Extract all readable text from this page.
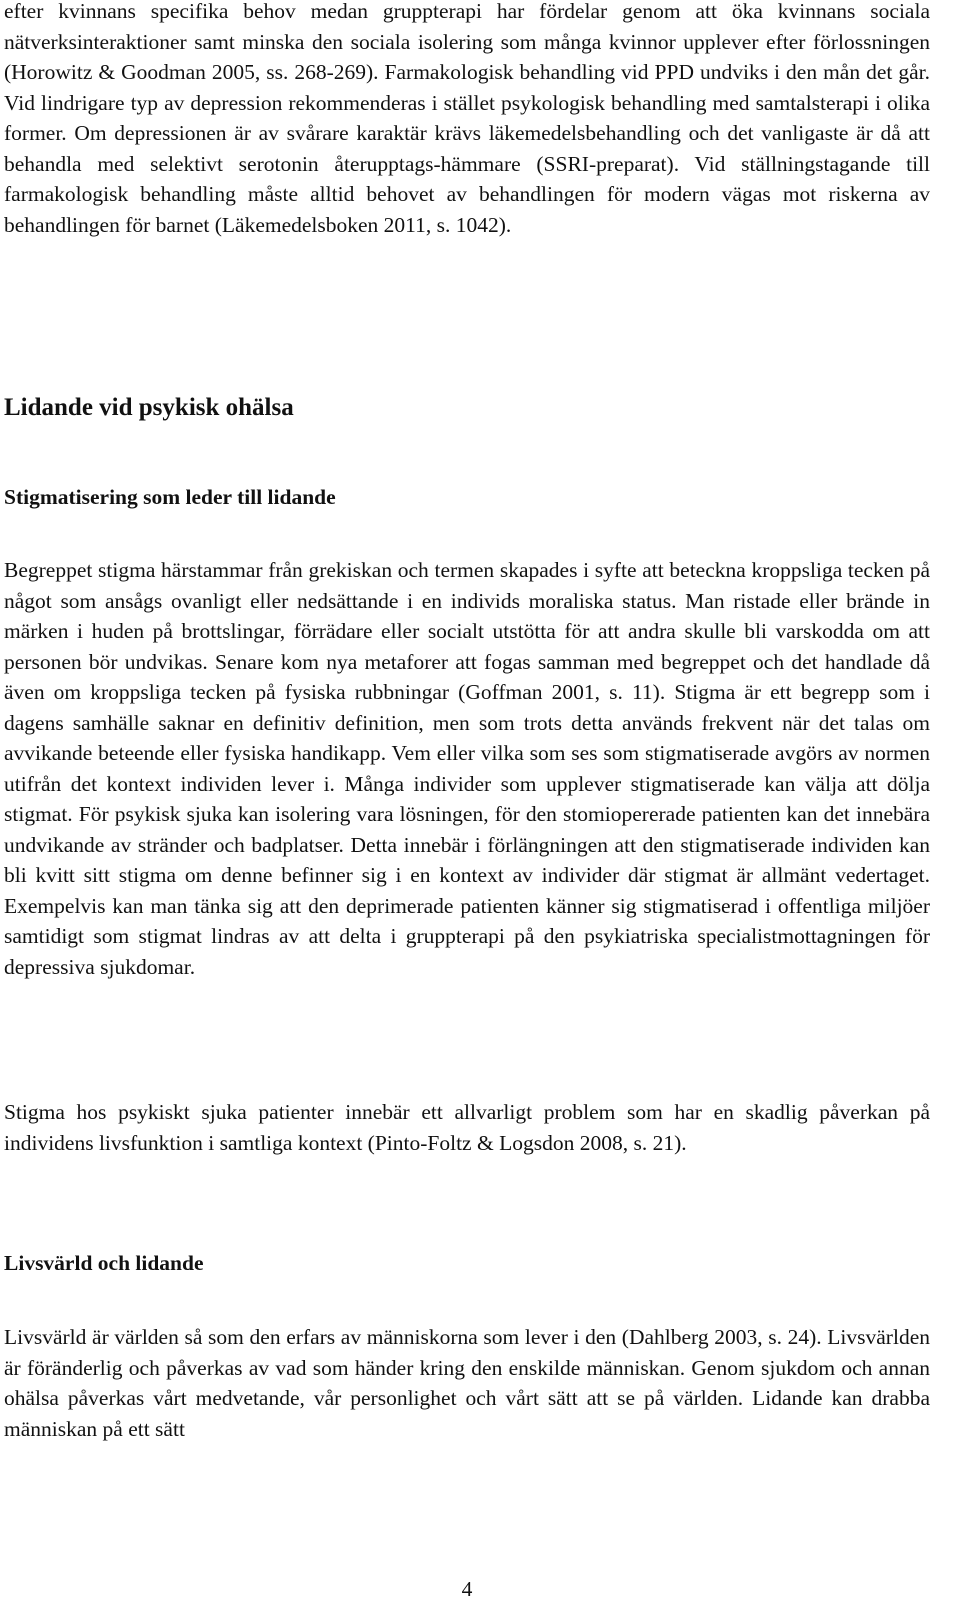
efter kvinnans specifika behov medan gruppterapi har fördelar genom att öka kvinnans sociala nätverksinteraktioner samt minska den sociala isolering som många kvinnor upplever efter förlossningen (Horowitz & Goodman 2005, ss. 268-269). Farmakologisk behandling vid PPD undviks i den mån det går. Vid lindrigare typ av depression rekommenderas i stället psykologisk behandling med samtalsterapi i olika former. Om depressionen är av svårare karaktär krävs läkemedelsbehandling och det vanligaste är då att behandla med selektivt serotonin återupptags-hämmare (SSRI-preparat). Vid ställningstagande till farmakologisk behandling måste alltid behovet av behandlingen för modern vägas mot riskerna av behandlingen för barnet (Läkemedelsboken 2011, s. 1042).

Lidande vid psykisk ohälsa
Stigmatisering som leder till lidande

Begreppet stigma härstammar från grekiskan och termen skapades i syfte att beteckna kroppsliga tecken på något som ansågs ovanligt eller nedsättande i en individs moraliska status. Man ristade eller brände in märken i huden på brottslingar, förrädare eller socialt utstötta för att andra skulle bli varskodda om att personen bör undvikas. Senare kom nya metaforer att fogas samman med begreppet och det handlade då även om kroppsliga tecken på fysiska rubbningar (Goffman 2001, s. 11). Stigma är ett begrepp som i dagens samhälle saknar en definitiv definition, men som trots detta används frekvent när det talas om avvikande beteende eller fysiska handikapp. Vem eller vilka som ses som stigmatiserade avgörs av normen utifrån det kontext individen lever i. Många individer som upplever stigmatiserade kan välja att dölja stigmat. För psykisk sjuka kan isolering vara lösningen, för den stomiopererade patienten kan det innebära undvikande av stränder och badplatser. Detta innebär i förlängningen att den stigmatiserade individen kan bli kvitt sitt stigma om denne befinner sig i en kontext av individer där stigmat är allmänt vedertaget. Exempelvis kan man tänka sig att den deprimerade patienten känner sig stigmatiserad i offentliga miljöer samtidigt som stigmat lindras av att delta i gruppterapi på den psykiatriska specialistmottagningen för depressiva sjukdomar.

Stigma hos psykiskt sjuka patienter innebär ett allvarligt problem som har en skadlig påverkan på individens livsfunktion i samtliga kontext (Pinto-Foltz & Logsdon 2008, s. 21).

Livsvärld och lidande

Livsvärld är världen så som den erfars av människorna som lever i den (Dahlberg 2003, s. 24). Livsvärlden är föränderlig och påverkas av vad som händer kring den enskilde människan. Genom sjukdom och annan ohälsa påverkas vårt medvetande, vår personlighet och vårt sätt att se på världen. Lidande kan drabba människan på ett sätt

4
